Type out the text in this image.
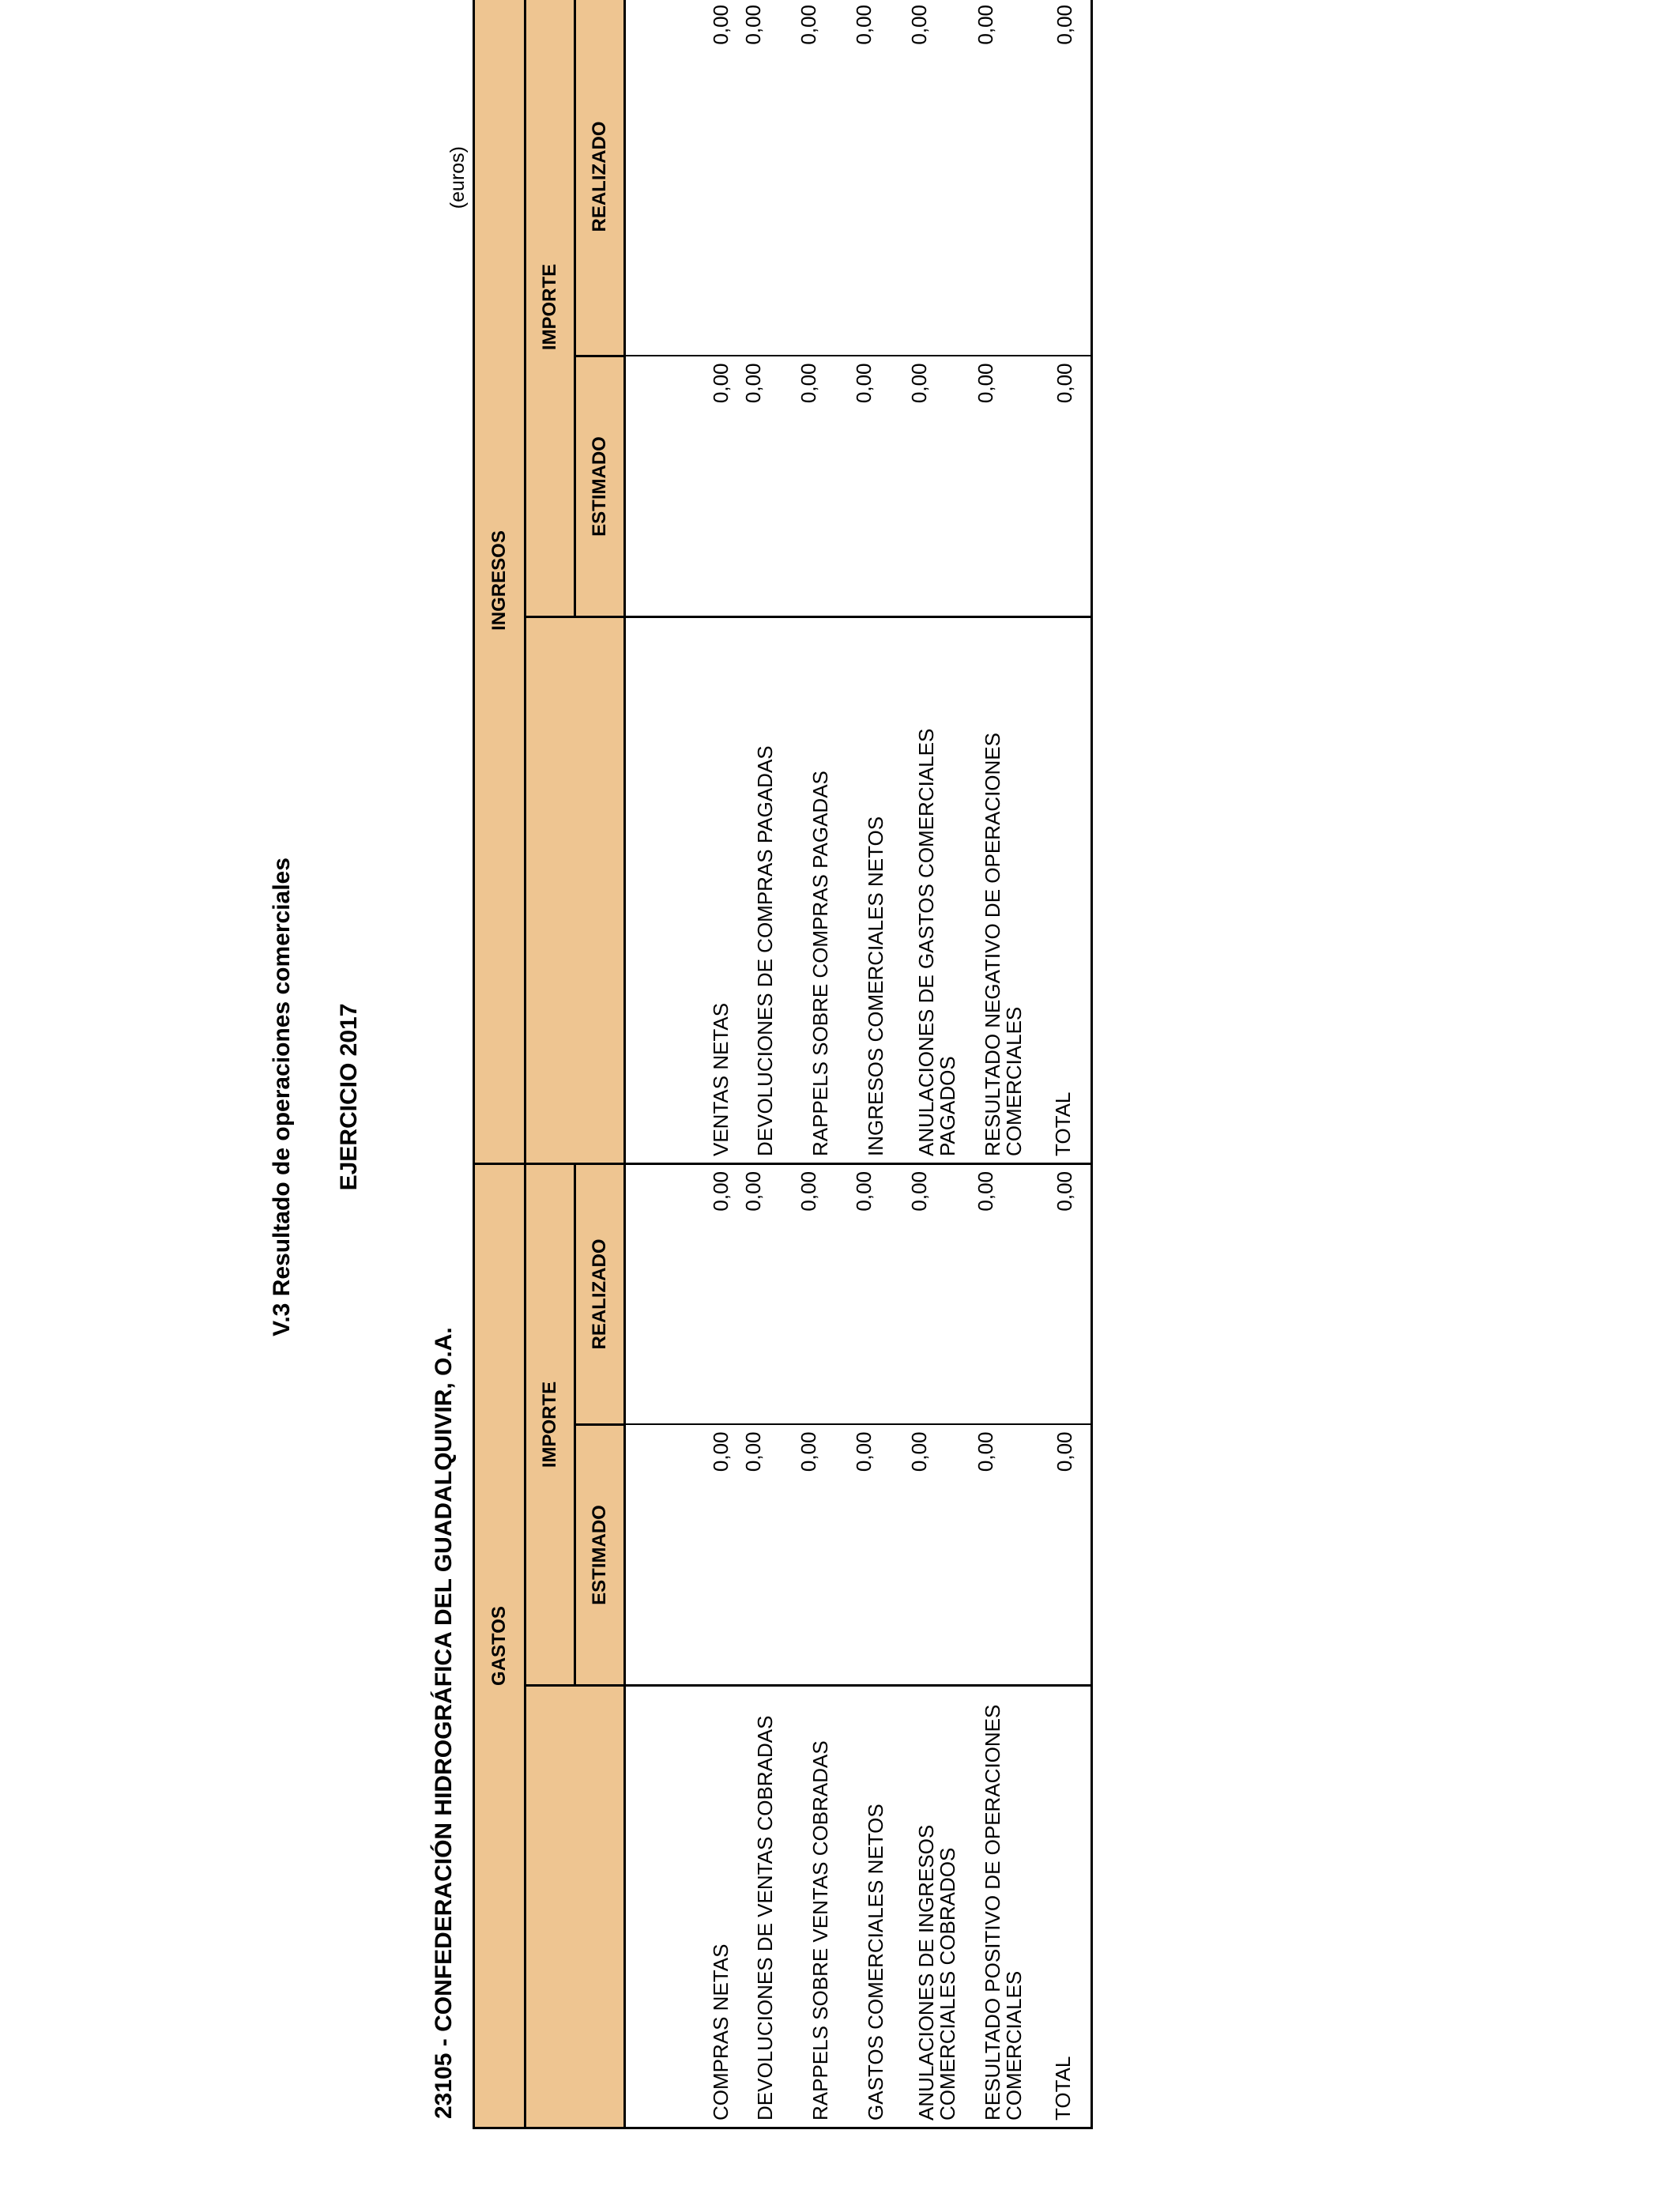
V.3 Resultado de operaciones comerciales EJERCICIO 2017
23105 - CONFEDERACIÓN HIDROGRÁFICA DEL GUADALQUIVIR, O.A.
(euros)
GASTOS			INGRESOS		
	IMPORTE			IMPORTE	
	ESTIMADO	REALIZADO		ESTIMADO	REALIZADO
COMPRAS NETAS	0,00	0,00	VENTAS NETAS	0,00	0,00
DEVOLUCIONES DE VENTAS COBRADAS	0,00	0,00	DEVOLUCIONES DE COMPRAS PAGADAS	0,00	0,00
RAPPELS SOBRE VENTAS COBRADAS	0,00	0,00	RAPPELS SOBRE COMPRAS PAGADAS	0,00	0,00
GASTOS COMERCIALES NETOS	0,00	0,00	INGRESOS COMERCIALES NETOS	0,00	0,00
ANULACIONES DE INGRESOS COMERCIALES COBRADOS	0,00	0,00	ANULACIONES DE GASTOS COMERCIALES PAGADOS	0,00	0,00
RESULTADO POSITIVO DE OPERACIONES COMERCIALES	0,00	0,00	RESULTADO NEGATIVO DE OPERACIONES COMERCIALES	0,00	0,00
TOTAL	0,00	0,00	TOTAL	0,00	0,00
